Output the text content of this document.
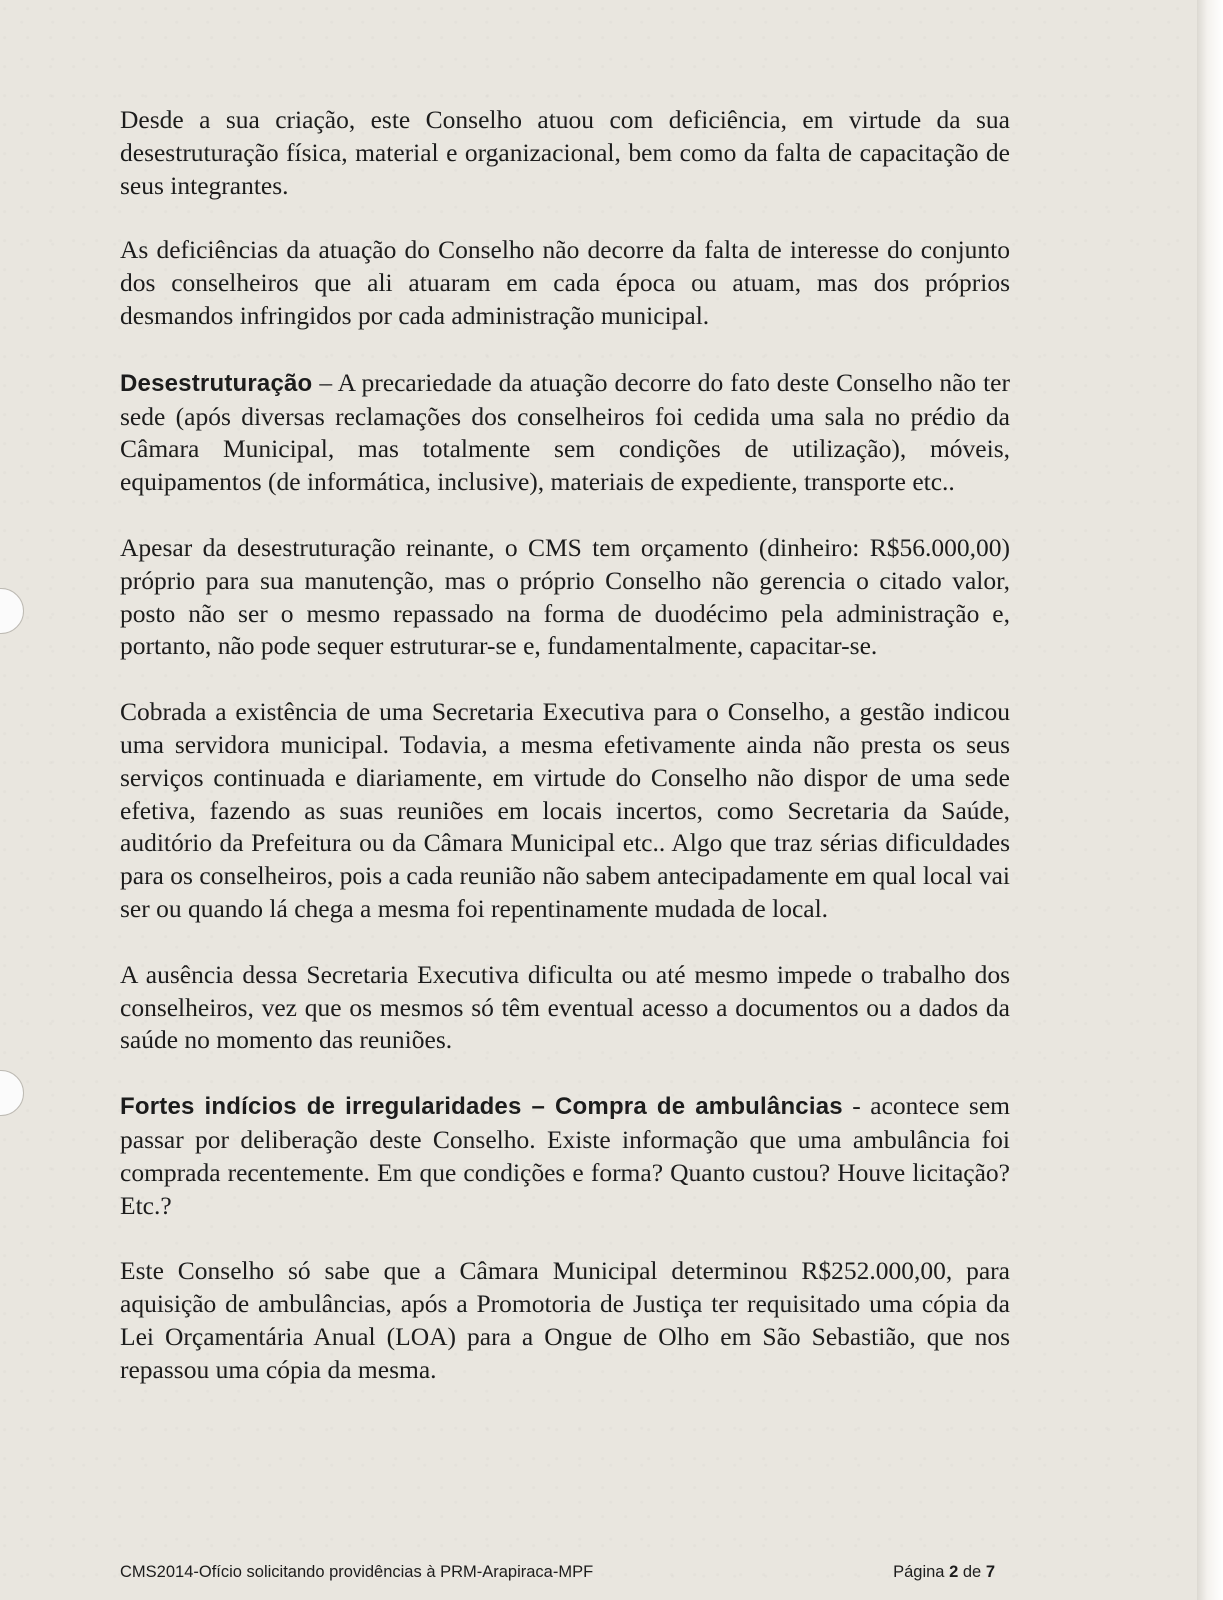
Desde a sua criação, este Conselho atuou com deficiência, em virtude da sua desestruturação física, material e organizacional, bem como da falta de capacitação de seus integrantes.

As deficiências da atuação do Conselho não decorre da falta de interesse do conjunto dos conselheiros que ali atuaram em cada época ou atuam, mas dos próprios desmandos infringidos por cada administração municipal.

Desestruturação – A precariedade da atuação decorre do fato deste Conselho não ter sede (após diversas reclamações dos conselheiros foi cedida uma sala no prédio da Câmara Municipal, mas totalmente sem condições de utilização), móveis, equipamentos (de informática, inclusive), materiais de expediente, transporte etc..

Apesar da desestruturação reinante, o CMS tem orçamento (dinheiro: R$56.000,00) próprio para sua manutenção, mas o próprio Conselho não gerencia o citado valor, posto não ser o mesmo repassado na forma de duodécimo pela administração e, portanto, não pode sequer estruturar-se e, fundamentalmente, capacitar-se.

Cobrada a existência de uma Secretaria Executiva para o Conselho, a gestão indicou uma servidora municipal. Todavia, a mesma efetivamente ainda não presta os seus serviços continuada e diariamente, em virtude do Conselho não dispor de uma sede efetiva, fazendo as suas reuniões em locais incertos, como Secretaria da Saúde, auditório da Prefeitura ou da Câmara Municipal etc.. Algo que traz sérias dificuldades para os conselheiros, pois a cada reunião não sabem antecipadamente em qual local vai ser ou quando lá chega a mesma foi repentinamente mudada de local.

A ausência dessa Secretaria Executiva dificulta ou até mesmo impede o trabalho dos conselheiros, vez que os mesmos só têm eventual acesso a documentos ou a dados da saúde no momento das reuniões.

Fortes indícios de irregularidades – Compra de ambulâncias - acontece sem passar por deliberação deste Conselho. Existe informação que uma ambulância foi comprada recentemente. Em que condições e forma? Quanto custou? Houve licitação? Etc.?

Este Conselho só sabe que a Câmara Municipal determinou R$252.000,00, para aquisição de ambulâncias, após a Promotoria de Justiça ter requisitado uma cópia da Lei Orçamentária Anual (LOA) para a Ongue de Olho em São Sebastião, que nos repassou uma cópia da mesma.

CMS2014-Ofício solicitando providências à PRM-Arapiraca-MPF	Página 2 de 7
